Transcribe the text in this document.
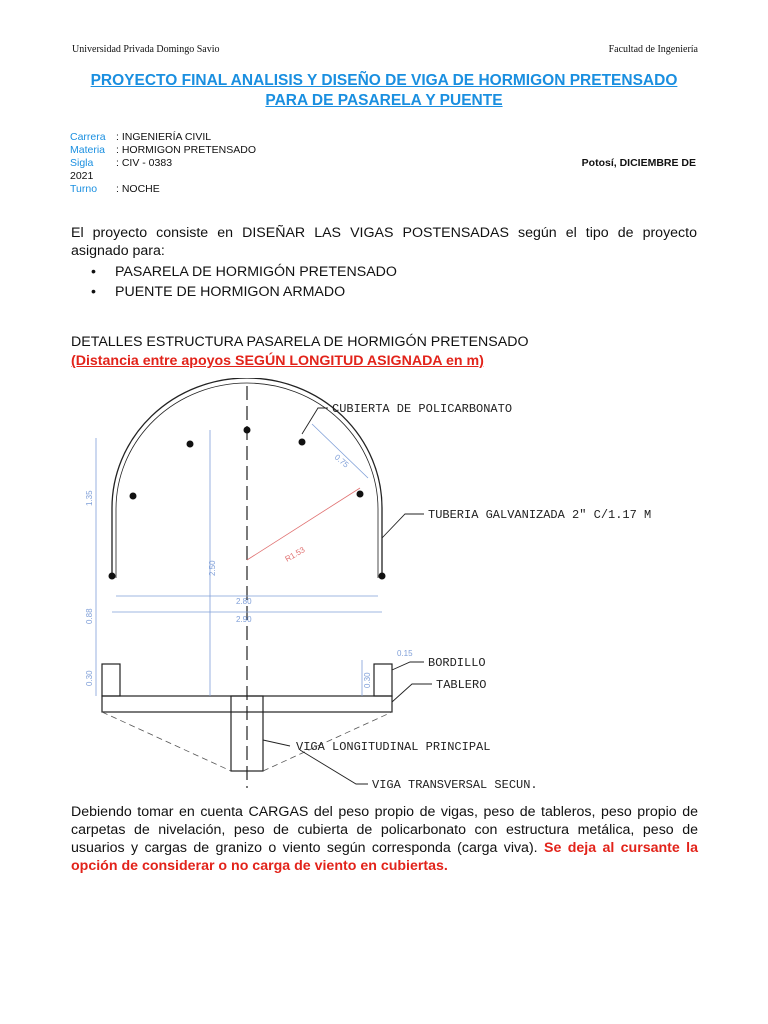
Universidad Privada Domingo Savio	Facultad de Ingeniería
PROYECTO FINAL ANALISIS Y DISEÑO DE VIGA DE HORMIGON PRETENSADO
PARA DE PASARELA Y PUENTE
Carrera : INGENIERÍA CIVIL
Materia	: HORMIGON PRETENSADO
Sigla	: CIV - 0383	Potosí, DICIEMBRE DE
2021
Turno	: NOCHE
El proyecto consiste en DISEÑAR LAS VIGAS POSTENSADAS según el tipo de proyecto asignado para:
•	PASARELA DE HORMIGÓN PRETENSADO
•	PUENTE DE HORMIGON ARMADO
DETALLES ESTRUCTURA PASARELA DE HORMIGÓN PRETENSADO
(Distancia entre apoyos SEGÚN LONGITUD ASIGNADA en m)
1.35
0.88
0.30
2.50
R1.53
2.80
2.90
0.75
0.15
0.30
CUBIERTA DE POLICARBONATO
TUBERIA GALVANIZADA 2" C/1.17 M
BORDILLO
TABLERO
VIGA LONGITUDINAL PRINCIPAL
VIGA TRANSVERSAL SECUN.
Debiendo tomar en cuenta CARGAS del peso propio de vigas, peso de tableros, peso propio de carpetas de nivelación, peso de cubierta de policarbonato con estructura metálica, peso de usuarios y cargas de granizo o viento según corresponda (carga viva). Se deja al cursante la opción de considerar o no carga de viento en cubiertas.
